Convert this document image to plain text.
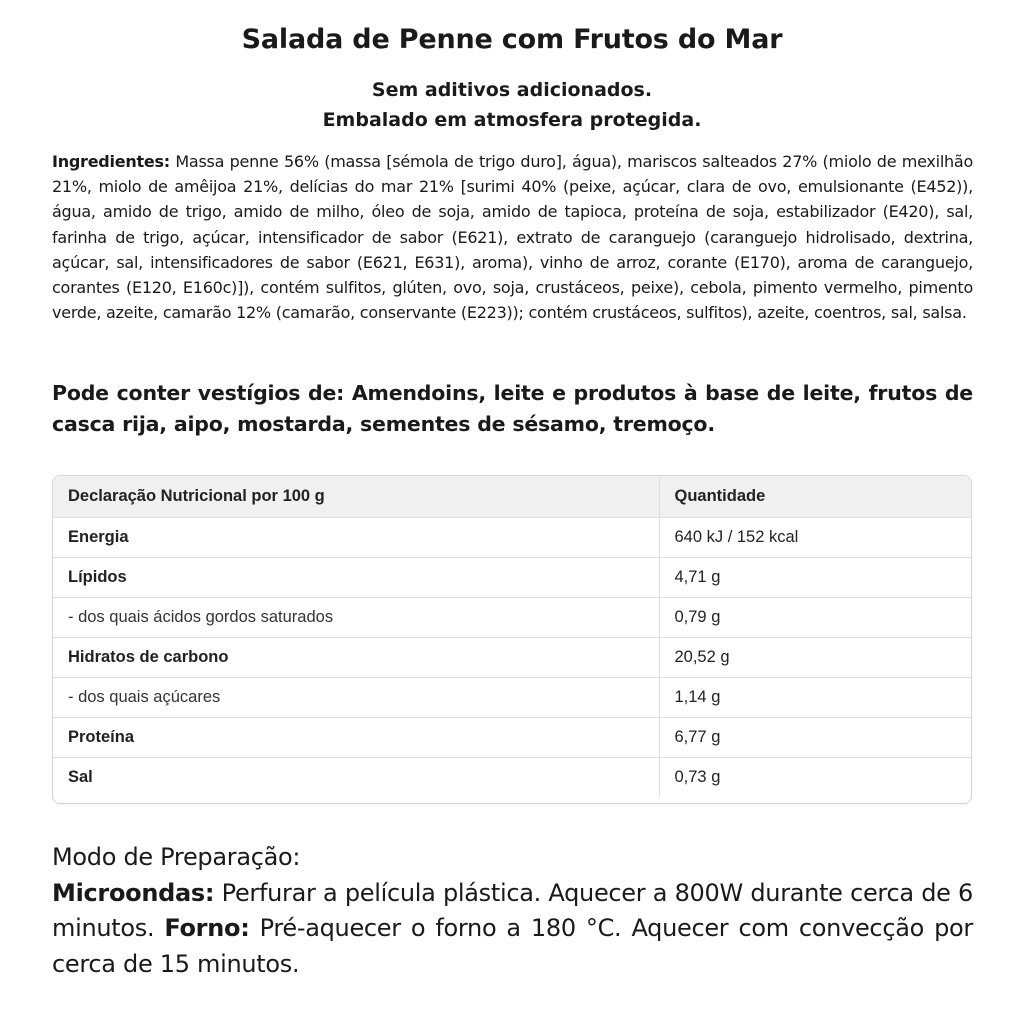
Salada de Penne com Frutos do Mar
Sem aditivos adicionados.
Embalado em atmosfera protegida.
Ingredientes: Massa penne 56% (massa [sémola de trigo duro], água), mariscos salteados 27% (miolo de mexilhão 21%, miolo de amêijoa 21%, delícias do mar 21% [surimi 40% (peixe, açúcar, clara de ovo, emulsionante (E452)), água, amido de trigo, amido de milho, óleo de soja, amido de tapioca, proteína de soja, estabilizador (E420), sal, farinha de trigo, açúcar, intensificador de sabor (E621), extrato de caranguejo (caranguejo hidrolisado, dextrina, açúcar, sal, intensificadores de sabor (E621, E631), aroma), vinho de arroz, corante (E170), aroma de caranguejo, corantes (E120, E160c)]), contém sulfitos, glúten, ovo, soja, crustáceos, peixe), cebola, pimento vermelho, pimento verde, azeite, camarão 12% (camarão, conservante (E223)); contém crustáceos, sulfitos), azeite, coentros, sal, salsa.
Pode conter vestígios de: Amendoins, leite e produtos à base de leite, frutos de casca rija, aipo, mostarda, sementes de sésamo, tremoço.
Declaração Nutricional por 100 g	Quantidade
Energia	640 kJ / 152 kcal
Lípidos	4,71 g
- dos quais ácidos gordos saturados	0,79 g
Hidratos de carbono	20,52 g
- dos quais açúcares	1,14 g
Proteína	6,77 g
Sal	0,73 g
Modo de Preparação:
Microondas: Perfurar a película plástica. Aquecer a 800W durante cerca de 6 minutos. Forno: Pré-aquecer o forno a 180 °C. Aquecer com convecção por cerca de 15 minutos.
